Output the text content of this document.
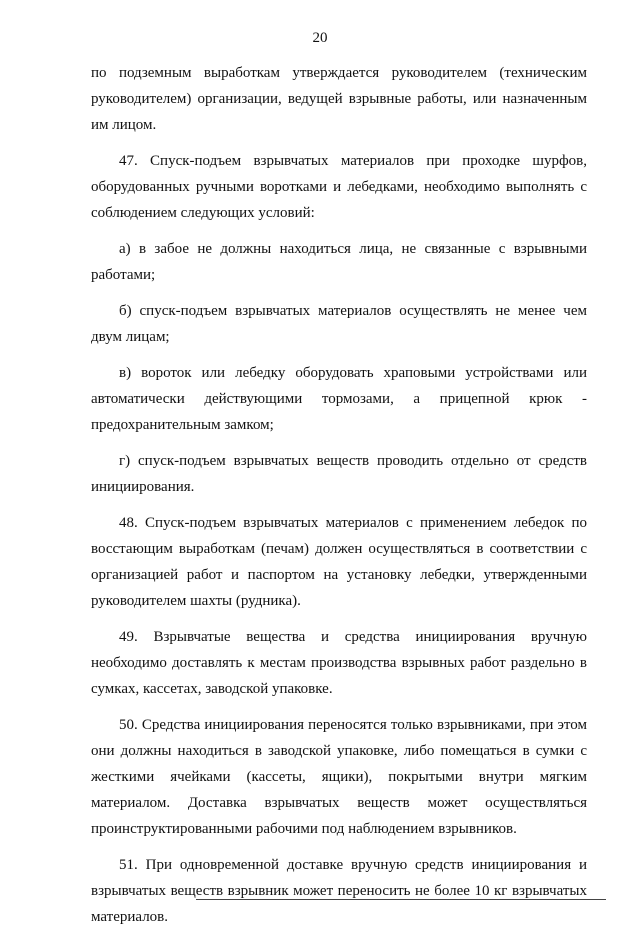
20

по подземным выработкам утверждается руководителем (техническим руководителем) организации, ведущей взрывные работы, или назначенным им лицом.

47. Спуск-подъем взрывчатых материалов при проходке шурфов, оборудованных ручными воротками и лебедками, необходимо выполнять с соблюдением следующих условий:

а) в забое не должны находиться лица, не связанные с взрывными работами;

б) спуск-подъем взрывчатых материалов осуществлять не менее чем двум лицам;

в) вороток или лебедку оборудовать храповыми устройствами или автоматически действующими тормозами, а прицепной крюк - предохранительным замком;

г) спуск-подъем взрывчатых веществ проводить отдельно от средств инициирования.

48. Спуск-подъем взрывчатых материалов с применением лебедок по восстающим выработкам (печам) должен осуществляться в соответствии с организацией работ и паспортом на установку лебедки, утвержденными руководителем шахты (рудника).

49. Взрывчатые вещества и средства инициирования вручную необходимо доставлять к местам производства взрывных работ раздельно в сумках, кассетах, заводской упаковке.

50. Средства инициирования переносятся только взрывниками, при этом они должны находиться в заводской упаковке, либо помещаться в сумки с жесткими ячейками (кассеты, ящики), покрытыми внутри мягким материалом. Доставка взрывчатых веществ может осуществляться проинструктированными рабочими под наблюдением взрывников.

51. При одновременной доставке вручную средств инициирования и взрывчатых веществ взрывник может переносить не более 10 кг взрывчатых материалов.
